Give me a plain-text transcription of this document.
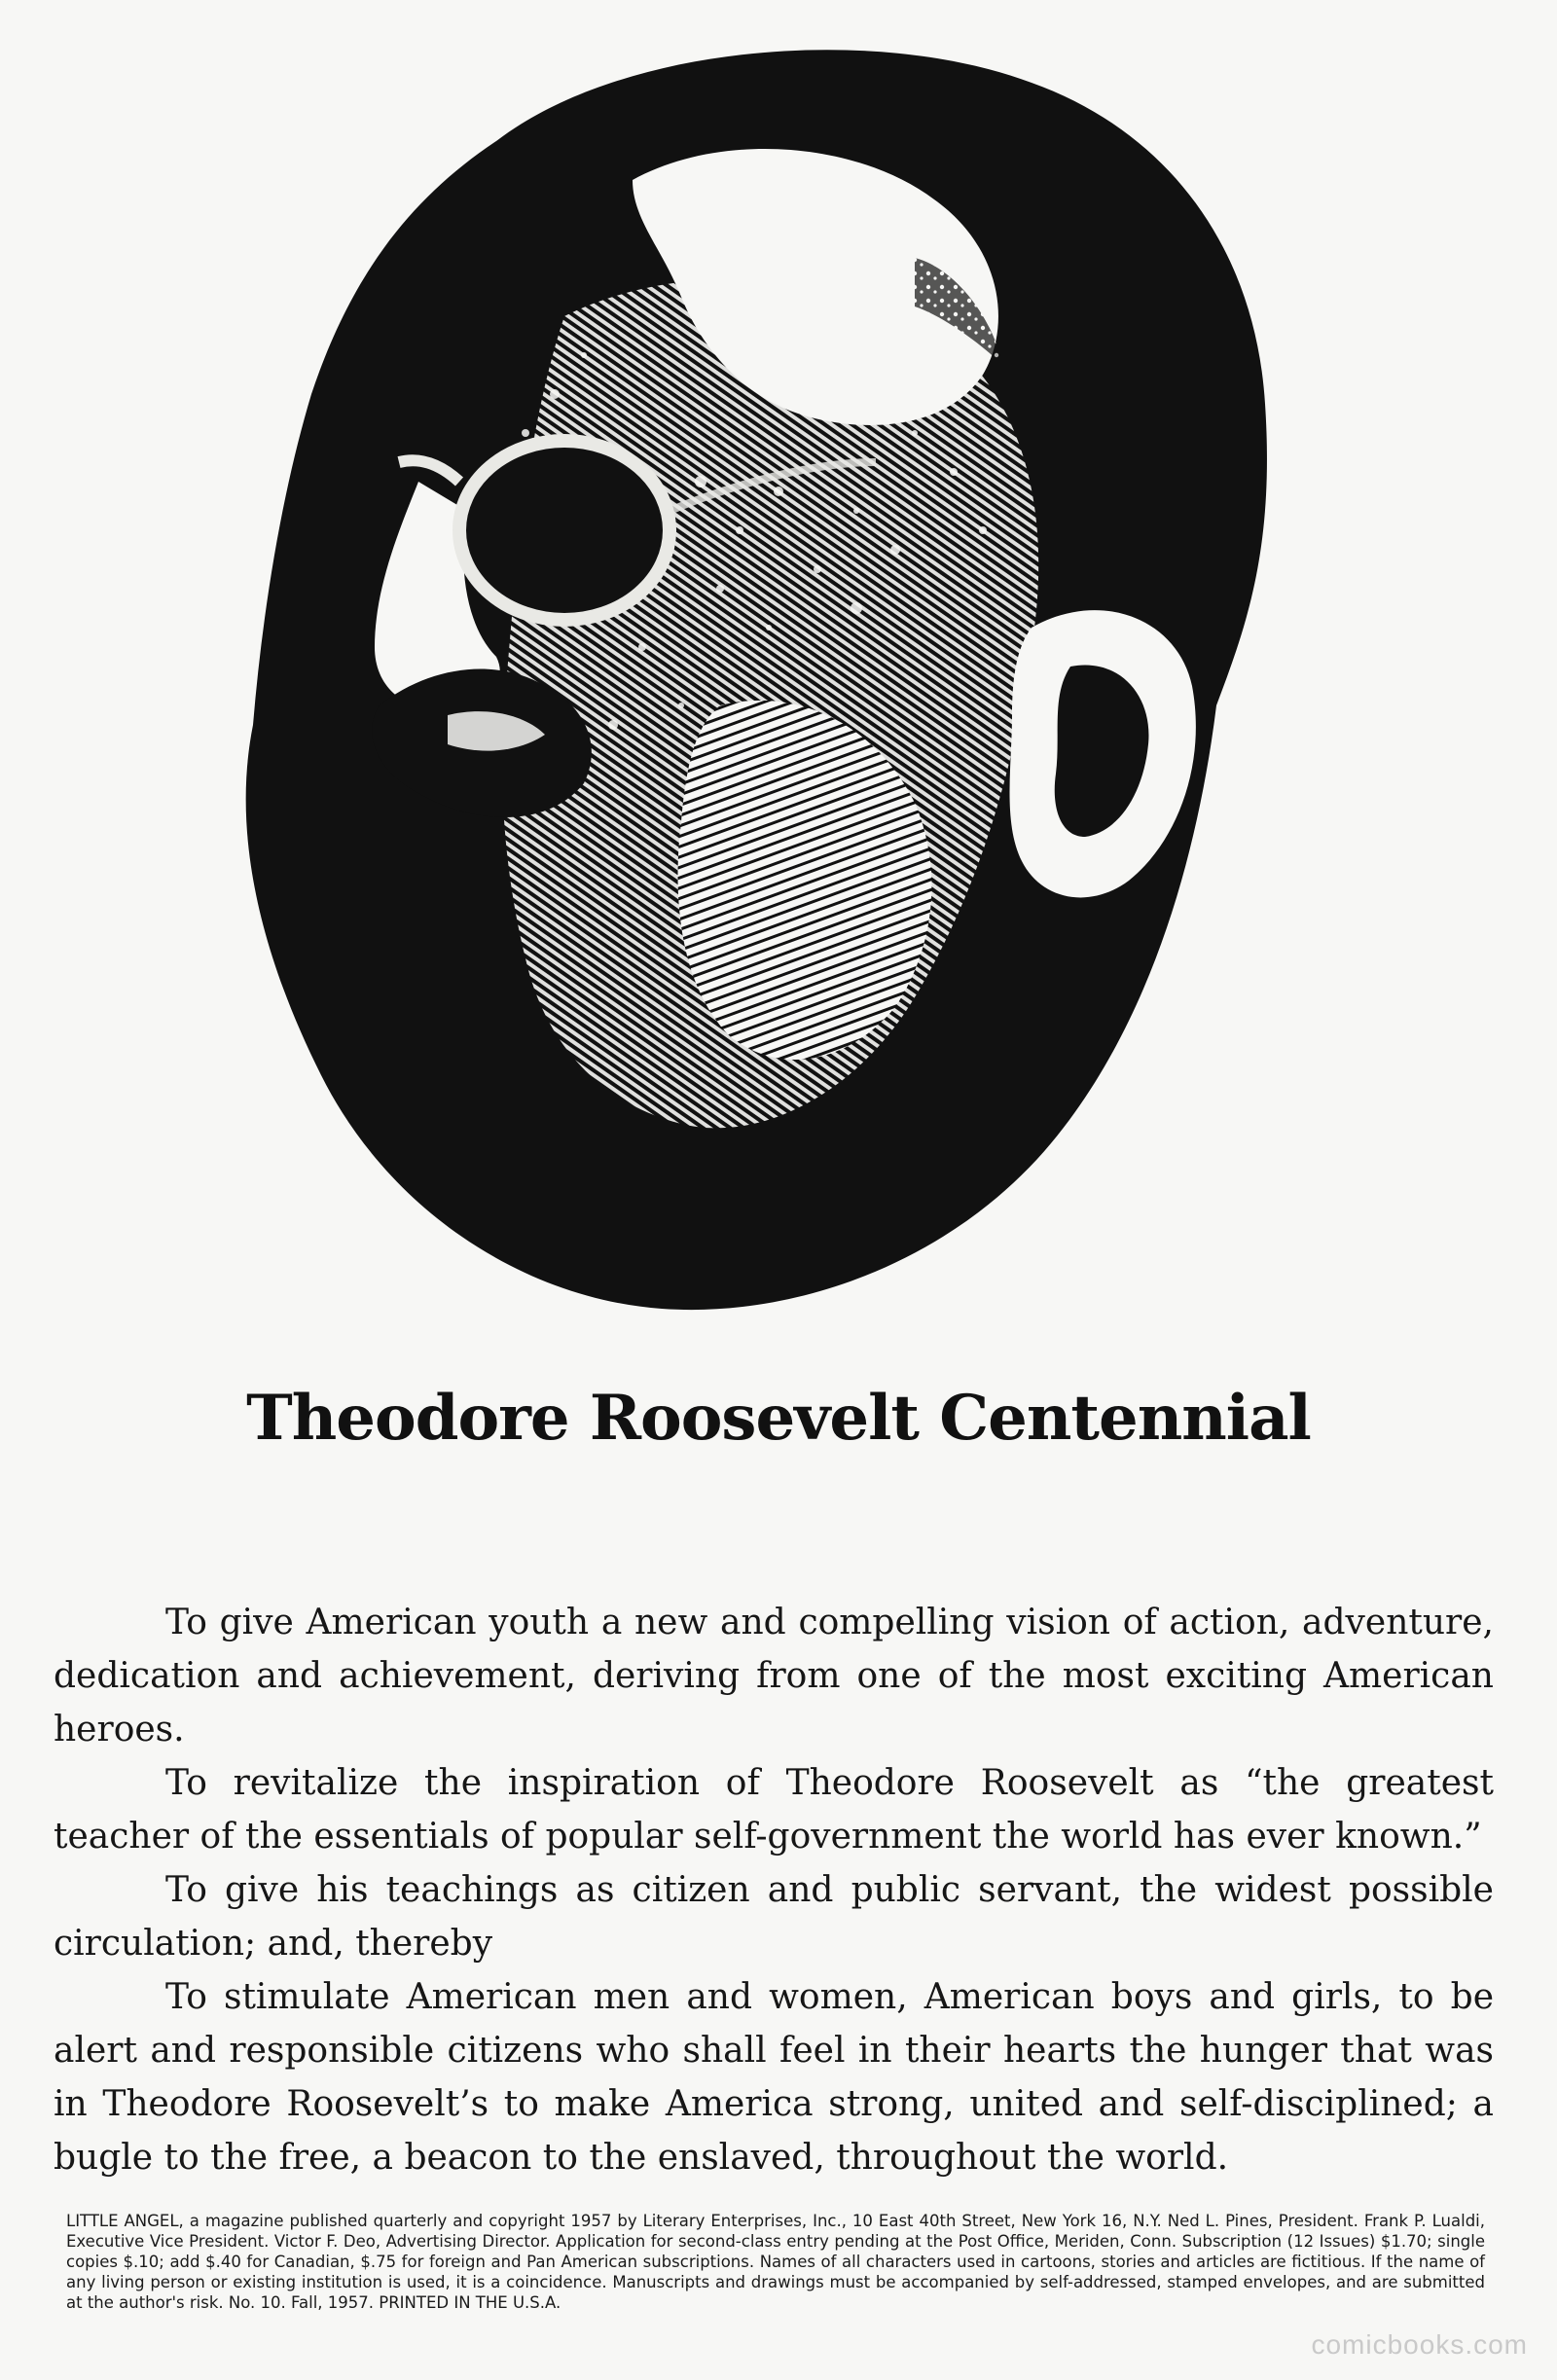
Theodore Roosevelt Centennial

To give American youth a new and compelling vision of action, adventure, dedication and achievement, deriving from one of the most exciting American heroes.

To revitalize the inspiration of Theodore Roosevelt as “the greatest teacher of the essentials of popular self-government the world has ever known.”

To give his teachings as citizen and public servant, the widest possible circulation; and, thereby

To stimulate American men and women, American boys and girls, to be alert and responsible citizens who shall feel in their hearts the hunger that was in Theodore Roosevelt’s to make America strong, united and self-disciplined; a bugle to the free, a beacon to the enslaved, throughout the world.

LITTLE ANGEL, a magazine published quarterly and copyright 1957 by Literary Enterprises, Inc., 10 East 40th Street, New York 16, N.Y. Ned L. Pines, President. Frank P. Lualdi, Executive Vice President. Victor F. Deo, Advertising Director. Application for second-class entry pending at the Post Office, Meriden, Conn. Subscription (12 Issues) $1.70; single copies $.10; add $.40 for Canadian, $.75 for foreign and Pan American subscriptions. Names of all characters used in cartoons, stories and articles are fictitious. If the name of any living person or existing institution is used, it is a coincidence. Manuscripts and drawings must be accompanied by self-addressed, stamped envelopes, and are submitted at the author's risk. No. 10. Fall, 1957. PRINTED IN THE U.S.A.
comicbooks.com
